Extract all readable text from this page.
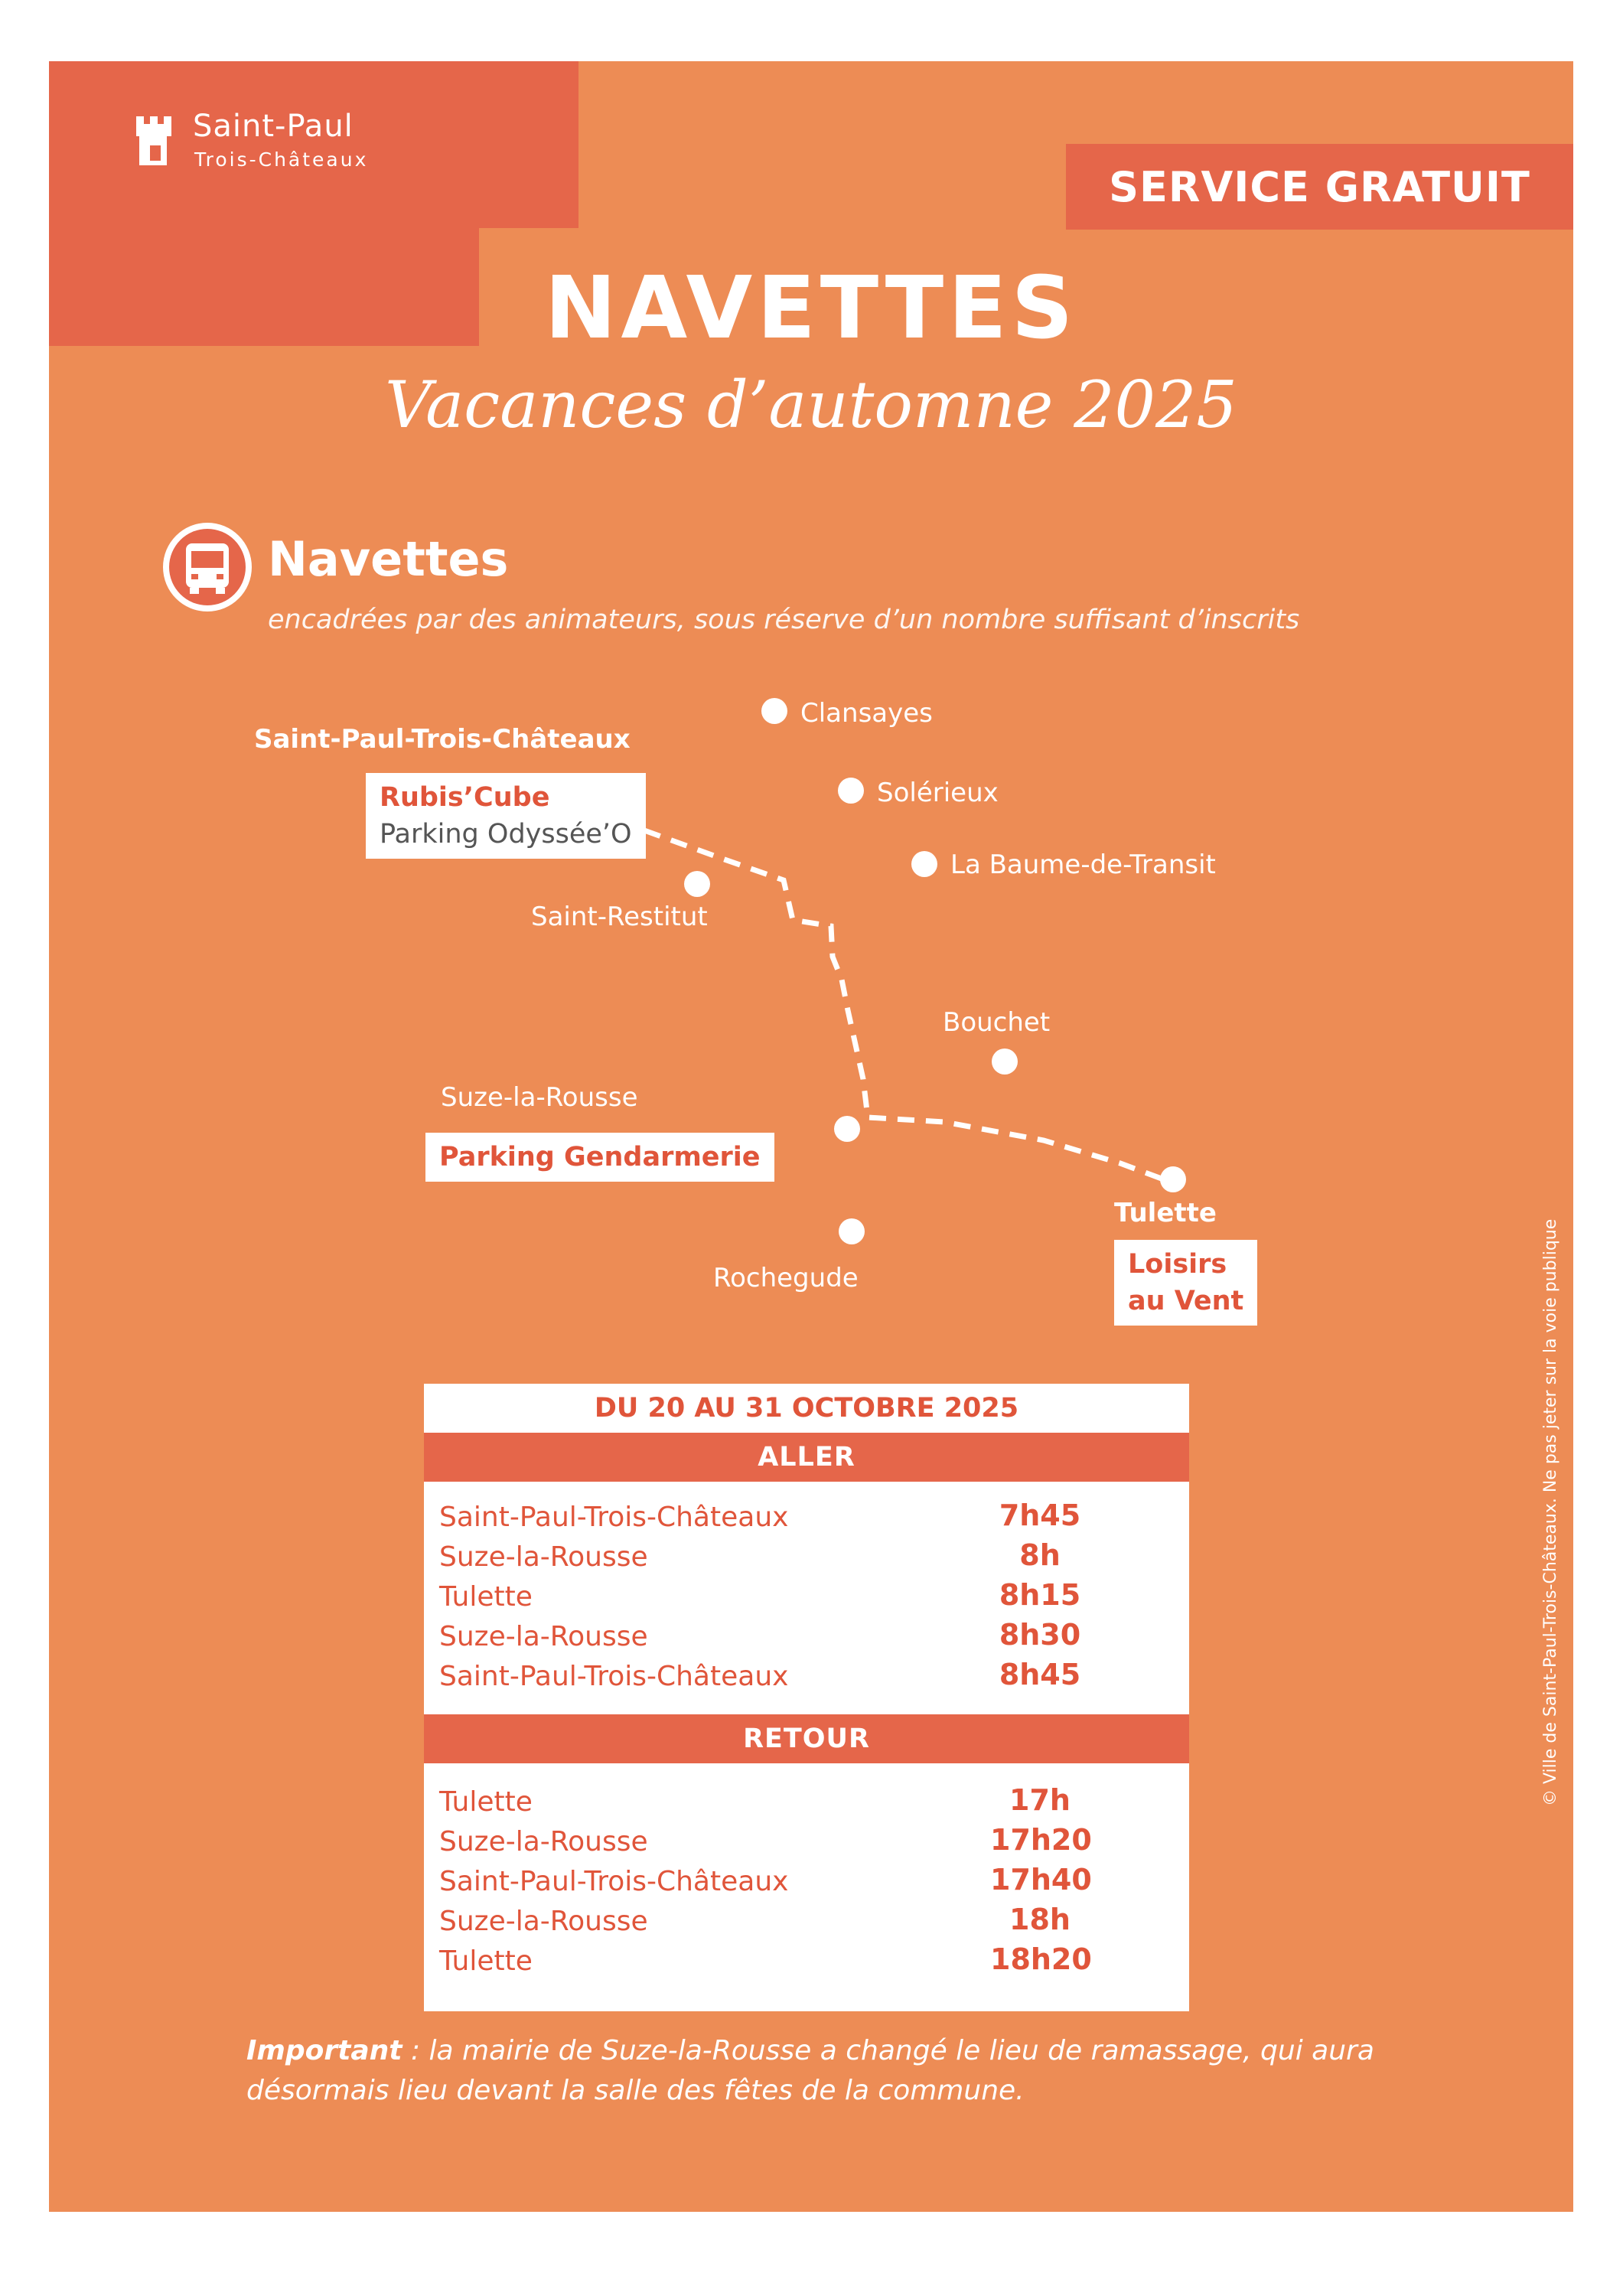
Saint-Paul
Trois-Châteaux
SERVICE GRATUIT
NAVETTES
Vacances d’automne 2025
Navettes
encadrées par des animateurs, sous réserve d’un nombre suffisant d’inscrits
Clansayes
Solérieux
La Baume-de-Transit
Saint-Restitut
Bouchet
Rochegude
Tulette
Saint-Paul-Trois-Châteaux
Rubis’Cube
Parking Odyssée’O
Suze-la-Rousse
Parking Gendarmerie
Loisirs
au Vent
DU 20 AU 31 OCTOBRE 2025
ALLER
Saint-Paul-Trois-Châteaux	7h45
Suze-la-Rousse	8h
Tulette	8h15
Suze-la-Rousse	8h30
Saint-Paul-Trois-Châteaux	8h45
RETOUR
Tulette	17h
Suze-la-Rousse	17h20
Saint-Paul-Trois-Châteaux	17h40
Suze-la-Rousse	18h
Tulette	18h20
Important : la mairie de Suze-la-Rousse a changé le lieu de ramassage, qui aura désormais lieu devant la salle des fêtes de la commune.
© Ville de Saint-Paul-Trois-Châteaux. Ne pas jeter sur la voie publique
